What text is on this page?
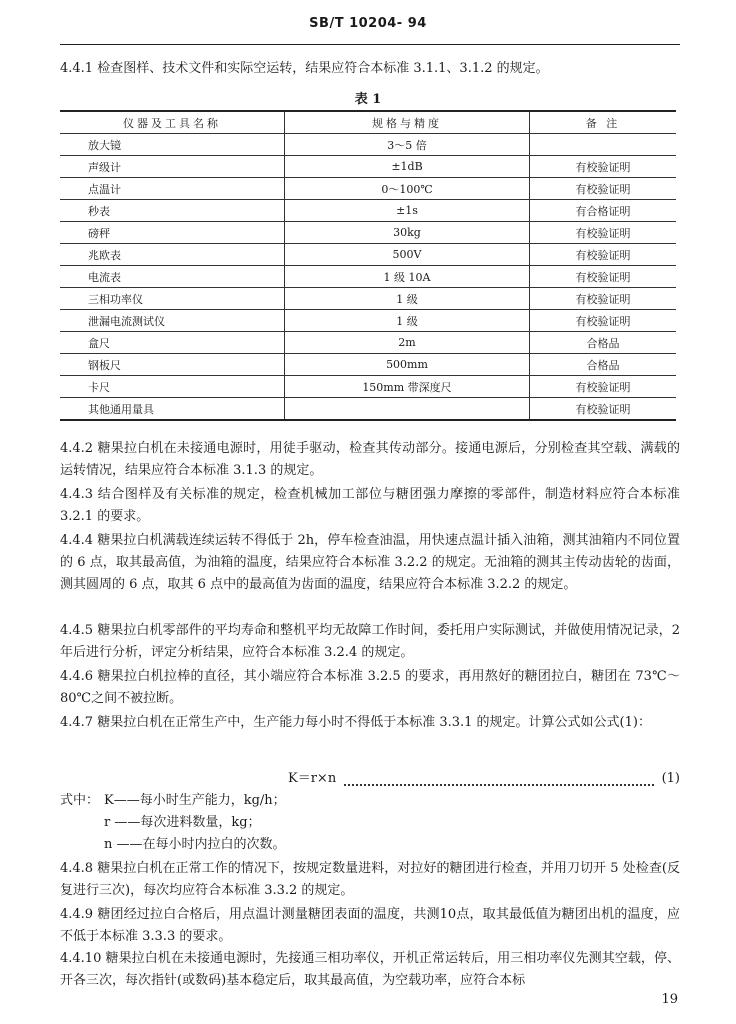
SB/T 10204- 94
4.4.1 检查图样、技术文件和实际空运转，结果应符合本标准 3.1.1、3.1.2 的规定。
表 1
仪器及工具名称	规格与精度	备 注
放大镜	3～5 倍	
声级计	±1dB	有校验证明
点温计	0～100℃	有校验证明
秒表	±1s	有合格证明
磅秤	30kg	有校验证明
兆欧表	500V	有校验证明
电流表	1 级 10A	有校验证明
三相功率仪	1 级	有校验证明
泄漏电流测试仪	1 级	有校验证明
盒尺	2m	合格品
钢板尺	500mm	合格品
卡尺	150mm 带深度尺	有校验证明
其他通用量具		有校验证明
4.4.2 糖果拉白机在未接通电源时，用徒手驱动，检查其传动部分。接通电源后，分别检查其空载、满载的运转情况，结果应符合本标准 3.1.3 的规定。
4.4.3 结合图样及有关标准的规定，检查机械加工部位与糖团强力摩擦的零部件，制造材料应符合本标准 3.2.1 的要求。
4.4.4 糖果拉白机满载连续运转不得低于 2h，停车检查油温，用快速点温计插入油箱，测其油箱内不同位置的 6 点，取其最高值，为油箱的温度，结果应符合本标准 3.2.2 的规定。无油箱的测其主传动齿轮的齿面，测其圆周的 6 点，取其 6 点中的最高值为齿面的温度，结果应符合本标准 3.2.2 的规定。
4.4.5 糖果拉白机零部件的平均寿命和整机平均无故障工作时间，委托用户实际测试，并做使用情况记录，2 年后进行分析，评定分析结果，应符合本标准 3.2.4 的规定。
4.4.6 糖果拉白机拉棒的直径，其小端应符合本标准 3.2.5 的要求，再用熬好的糖团拉白，糖团在 73℃～80℃之间不被拉断。
4.4.7 糖果拉白机在正常生产中，生产能力每小时不得低于本标准 3.3.1 的规定。计算公式如公式(1)：
K＝r×n	(1)
式中： K——每小时生产能力，kg/h；
r ——每次进料数量，kg；
n ——在每小时内拉白的次数。
4.4.8 糖果拉白机在正常工作的情况下，按规定数量进料，对拉好的糖团进行检查，并用刀切开 5 处检查(反复进行三次)，每次均应符合本标准 3.3.2 的规定。
4.4.9 糖团经过拉白合格后，用点温计测量糖团表面的温度，共测10点，取其最低值为糖团出机的温度，应不低于本标准 3.3.3 的要求。
4.4.10 糖果拉白机在未接通电源时，先接通三相功率仪，开机正常运转后，用三相功率仪先测其空载，停、开各三次，每次指针(或数码)基本稳定后，取其最高值，为空载功率，应符合本标
19
